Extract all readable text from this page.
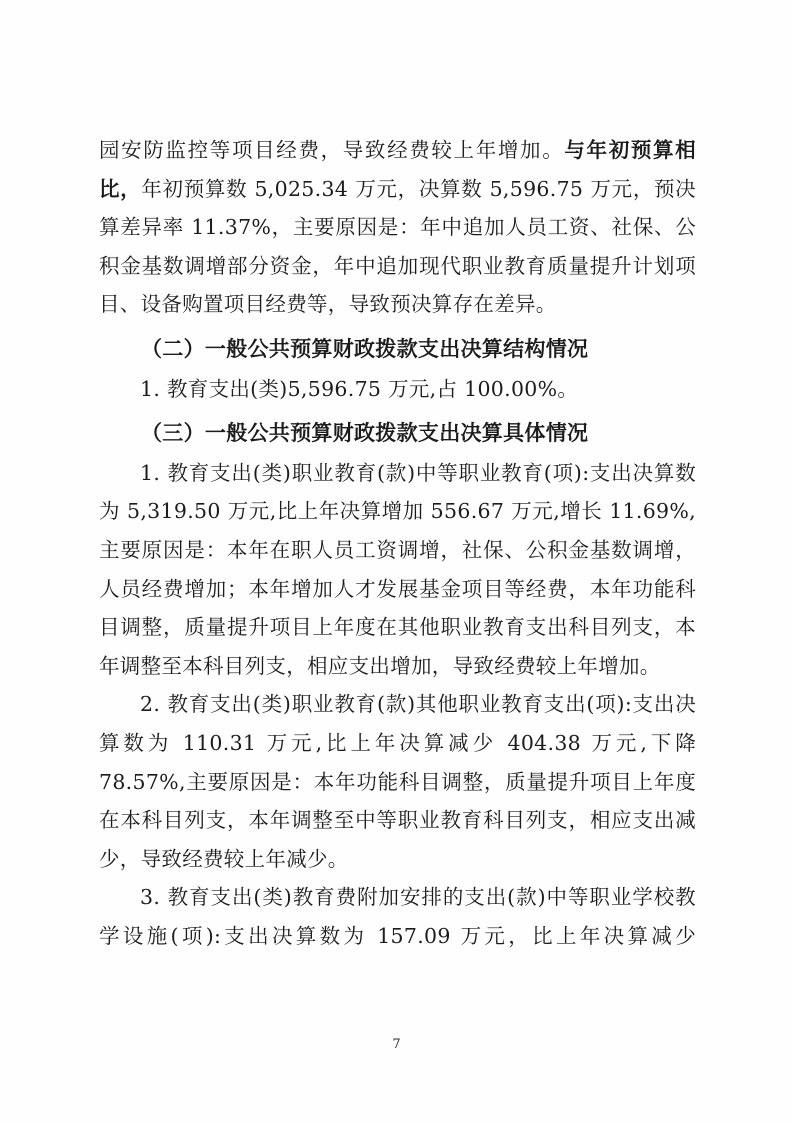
园安防监控等项目经费，导致经费较上年增加。与年初预算相比，年初预算数 5,025.34 万元，决算数 5,596.75 万元，预决算差异率 11.37%，主要原因是：年中追加人员工资、社保、公积金基数调增部分资金，年中追加现代职业教育质量提升计划项目、设备购置项目经费等，导致预决算存在差异。

（二）一般公共预算财政拨款支出决算结构情况

1. 教育支出(类)5,596.75 万元,占 100.00%。

（三）一般公共预算财政拨款支出决算具体情况

1. 教育支出(类)职业教育(款)中等职业教育(项):支出决算数为 5,319.50 万元,比上年决算增加 556.67 万元,增长 11.69%,主要原因是：本年在职人员工资调增，社保、公积金基数调增，人员经费增加；本年增加人才发展基金项目等经费，本年功能科目调整，质量提升项目上年度在其他职业教育支出科目列支，本年调整至本科目列支，相应支出增加，导致经费较上年增加。

2. 教育支出(类)职业教育(款)其他职业教育支出(项):支出决算数为 110.31 万元,比上年决算减少 404.38 万元,下降 78.57%,主要原因是：本年功能科目调整，质量提升项目上年度在本科目列支，本年调整至中等职业教育科目列支，相应支出减少，导致经费较上年减少。

3. 教育支出(类)教育费附加安排的支出(款)中等职业学校教学设施(项):支出决算数为 157.09 万元，比上年决算减少

7
